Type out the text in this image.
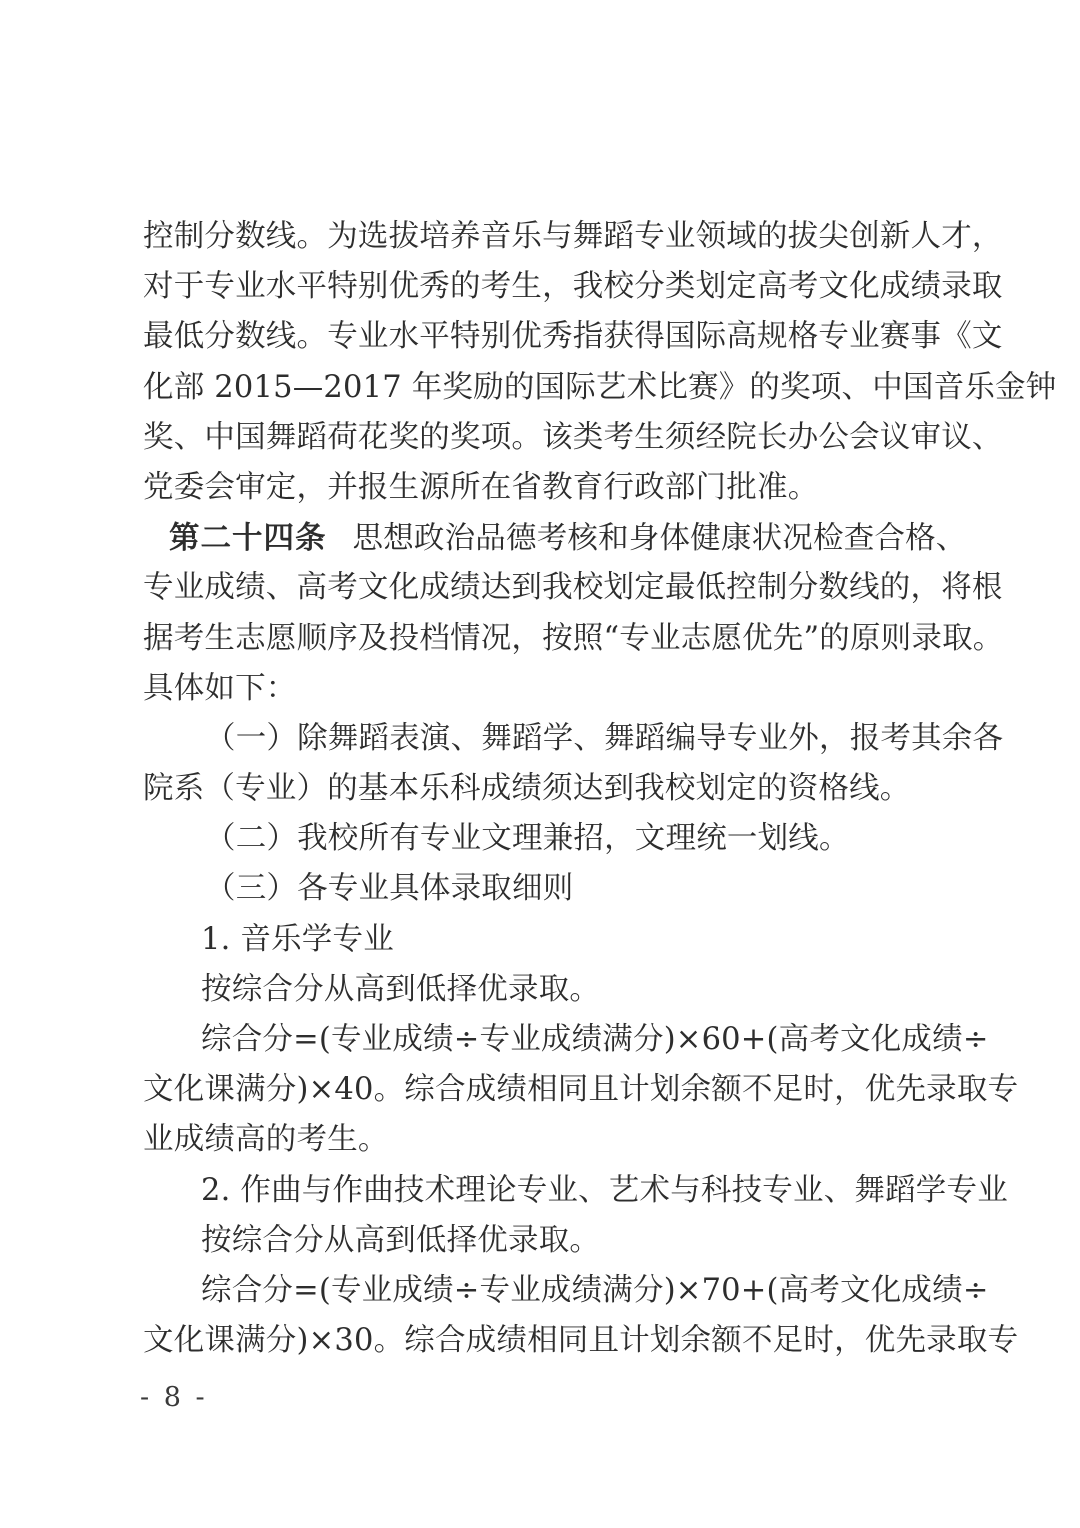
控制分数线。为选拔培养音乐与舞蹈专业领域的拔尖创新人才，
对于专业水平特别优秀的考生，我校分类划定高考文化成绩录取
最低分数线。专业水平特别优秀指获得国际高规格专业赛事《文
化部 2015—2017 年奖励的国际艺术比赛》的奖项、中国音乐金钟
奖、中国舞蹈荷花奖的奖项。该类考生须经院长办公会议审议、
党委会审定，并报生源所在省教育行政部门批准。
第二十四条 思想政治品德考核和身体健康状况检查合格、
专业成绩、高考文化成绩达到我校划定最低控制分数线的，将根
据考生志愿顺序及投档情况，按照“专业志愿优先”的原则录取。
具体如下：
（一）除舞蹈表演、舞蹈学、舞蹈编导专业外，报考其余各
院系（专业）的基本乐科成绩须达到我校划定的资格线。
（二）我校所有专业文理兼招，文理统一划线。
（三）各专业具体录取细则
1. 音乐学专业
按综合分从高到低择优录取。
综合分=(专业成绩÷专业成绩满分)×60+(高考文化成绩÷
文化课满分)×40。综合成绩相同且计划余额不足时，优先录取专
业成绩高的考生。
2. 作曲与作曲技术理论专业、艺术与科技专业、舞蹈学专业
按综合分从高到低择优录取。
综合分=(专业成绩÷专业成绩满分)×70+(高考文化成绩÷
文化课满分)×30。综合成绩相同且计划余额不足时，优先录取专
- 8 -
